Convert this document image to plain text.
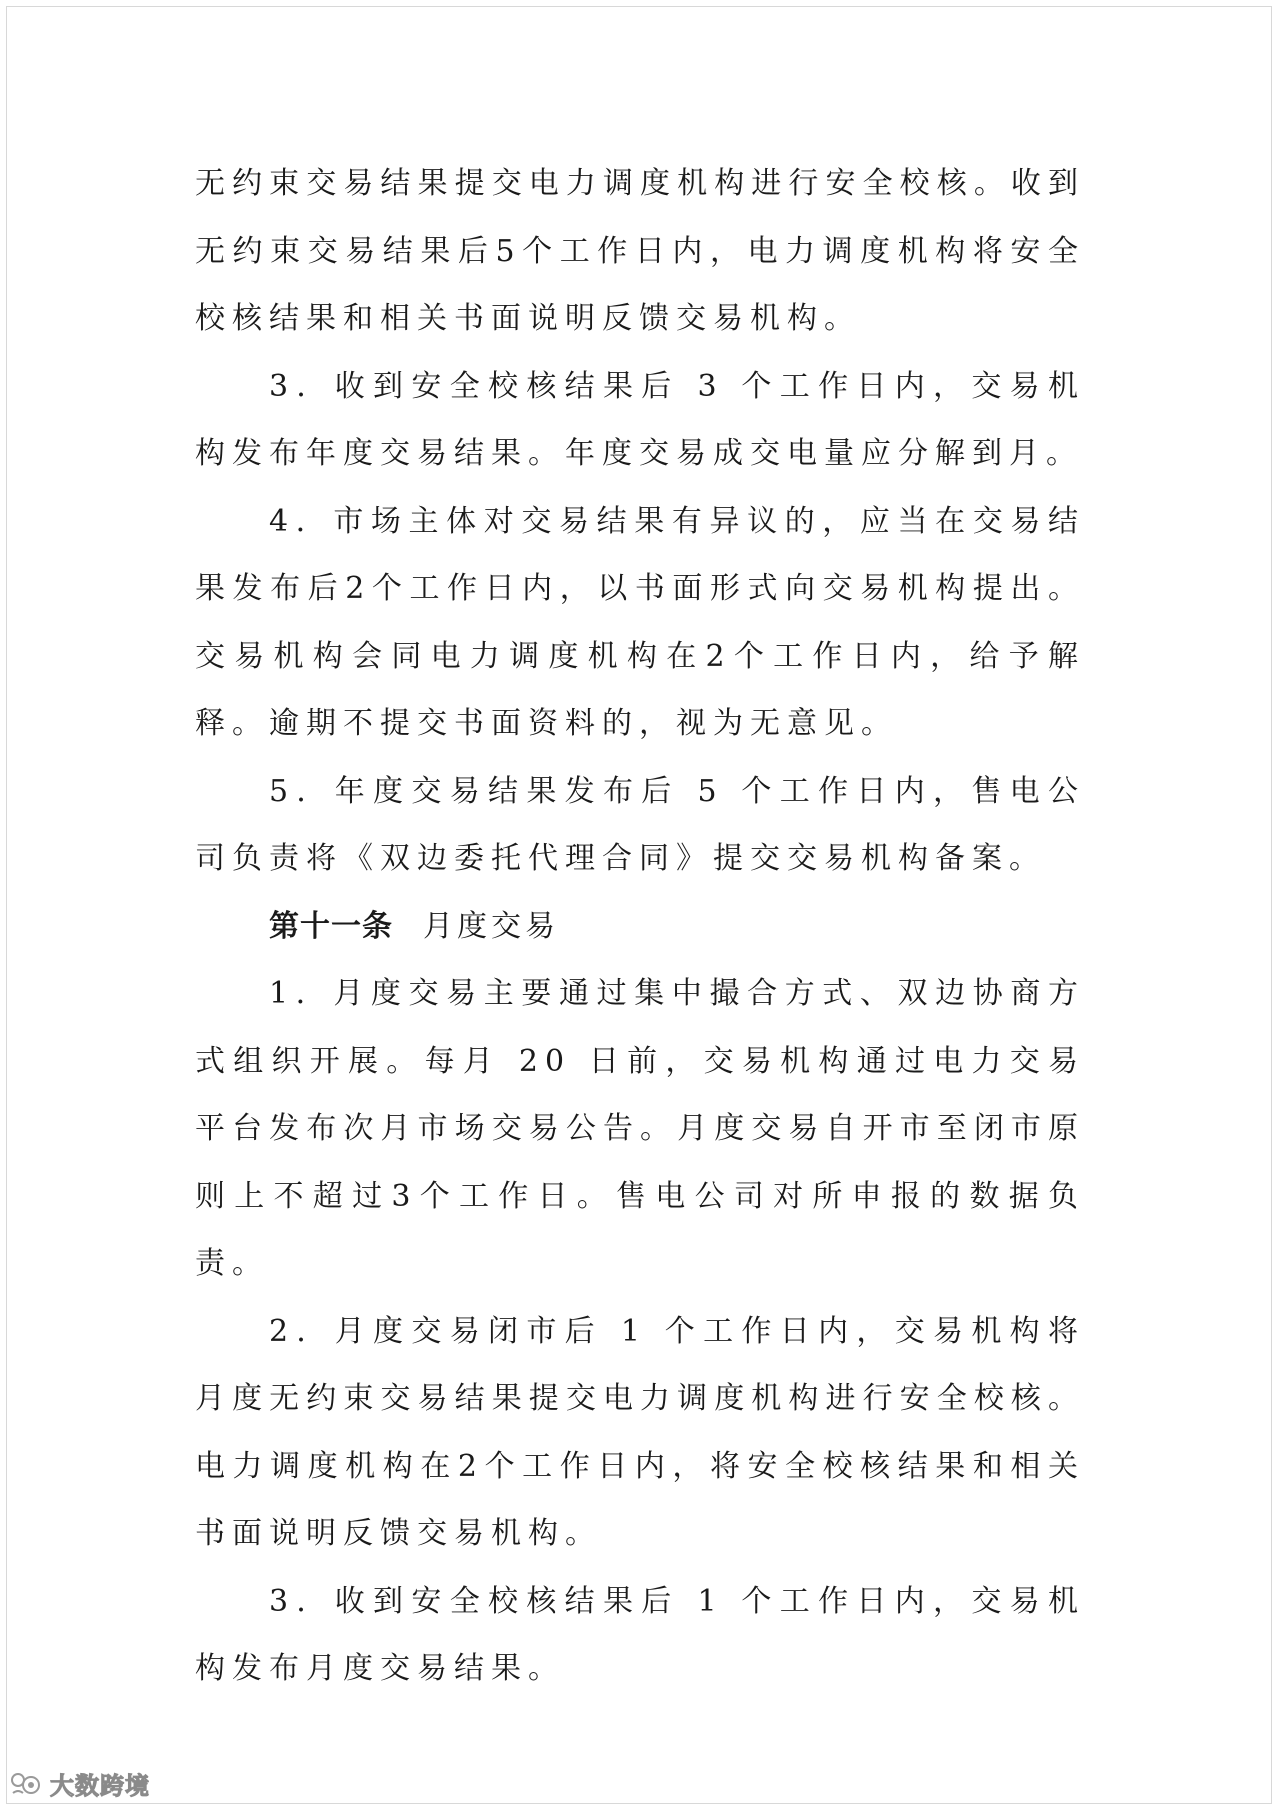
无约束交易结果提交电力调度机构进行安全校核。收到无约束交易结果后5个工作日内，电力调度机构将安全校核结果和相关书面说明反馈交易机构。

3．收到安全校核结果后 3 个工作日内，交易机构发布年度交易结果。年度交易成交电量应分解到月。

4．市场主体对交易结果有异议的，应当在交易结果发布后2个工作日内，以书面形式向交易机构提出。交易机构会同电力调度机构在2个工作日内，给予解释。逾期不提交书面资料的，视为无意见。

5．年度交易结果发布后 5 个工作日内，售电公司负责将《双边委托代理合同》提交交易机构备案。

第十一条 月度交易

1．月度交易主要通过集中撮合方式、双边协商方式组织开展。每月 20 日前，交易机构通过电力交易平台发布次月市场交易公告。月度交易自开市至闭市原则上不超过3个工作日。售电公司对所申报的数据负责。

2．月度交易闭市后 1 个工作日内，交易机构将月度无约束交易结果提交电力调度机构进行安全校核。电力调度机构在2个工作日内，将安全校核结果和相关书面说明反馈交易机构。

3．收到安全校核结果后 1 个工作日内，交易机构发布月度交易结果。

大数跨境
